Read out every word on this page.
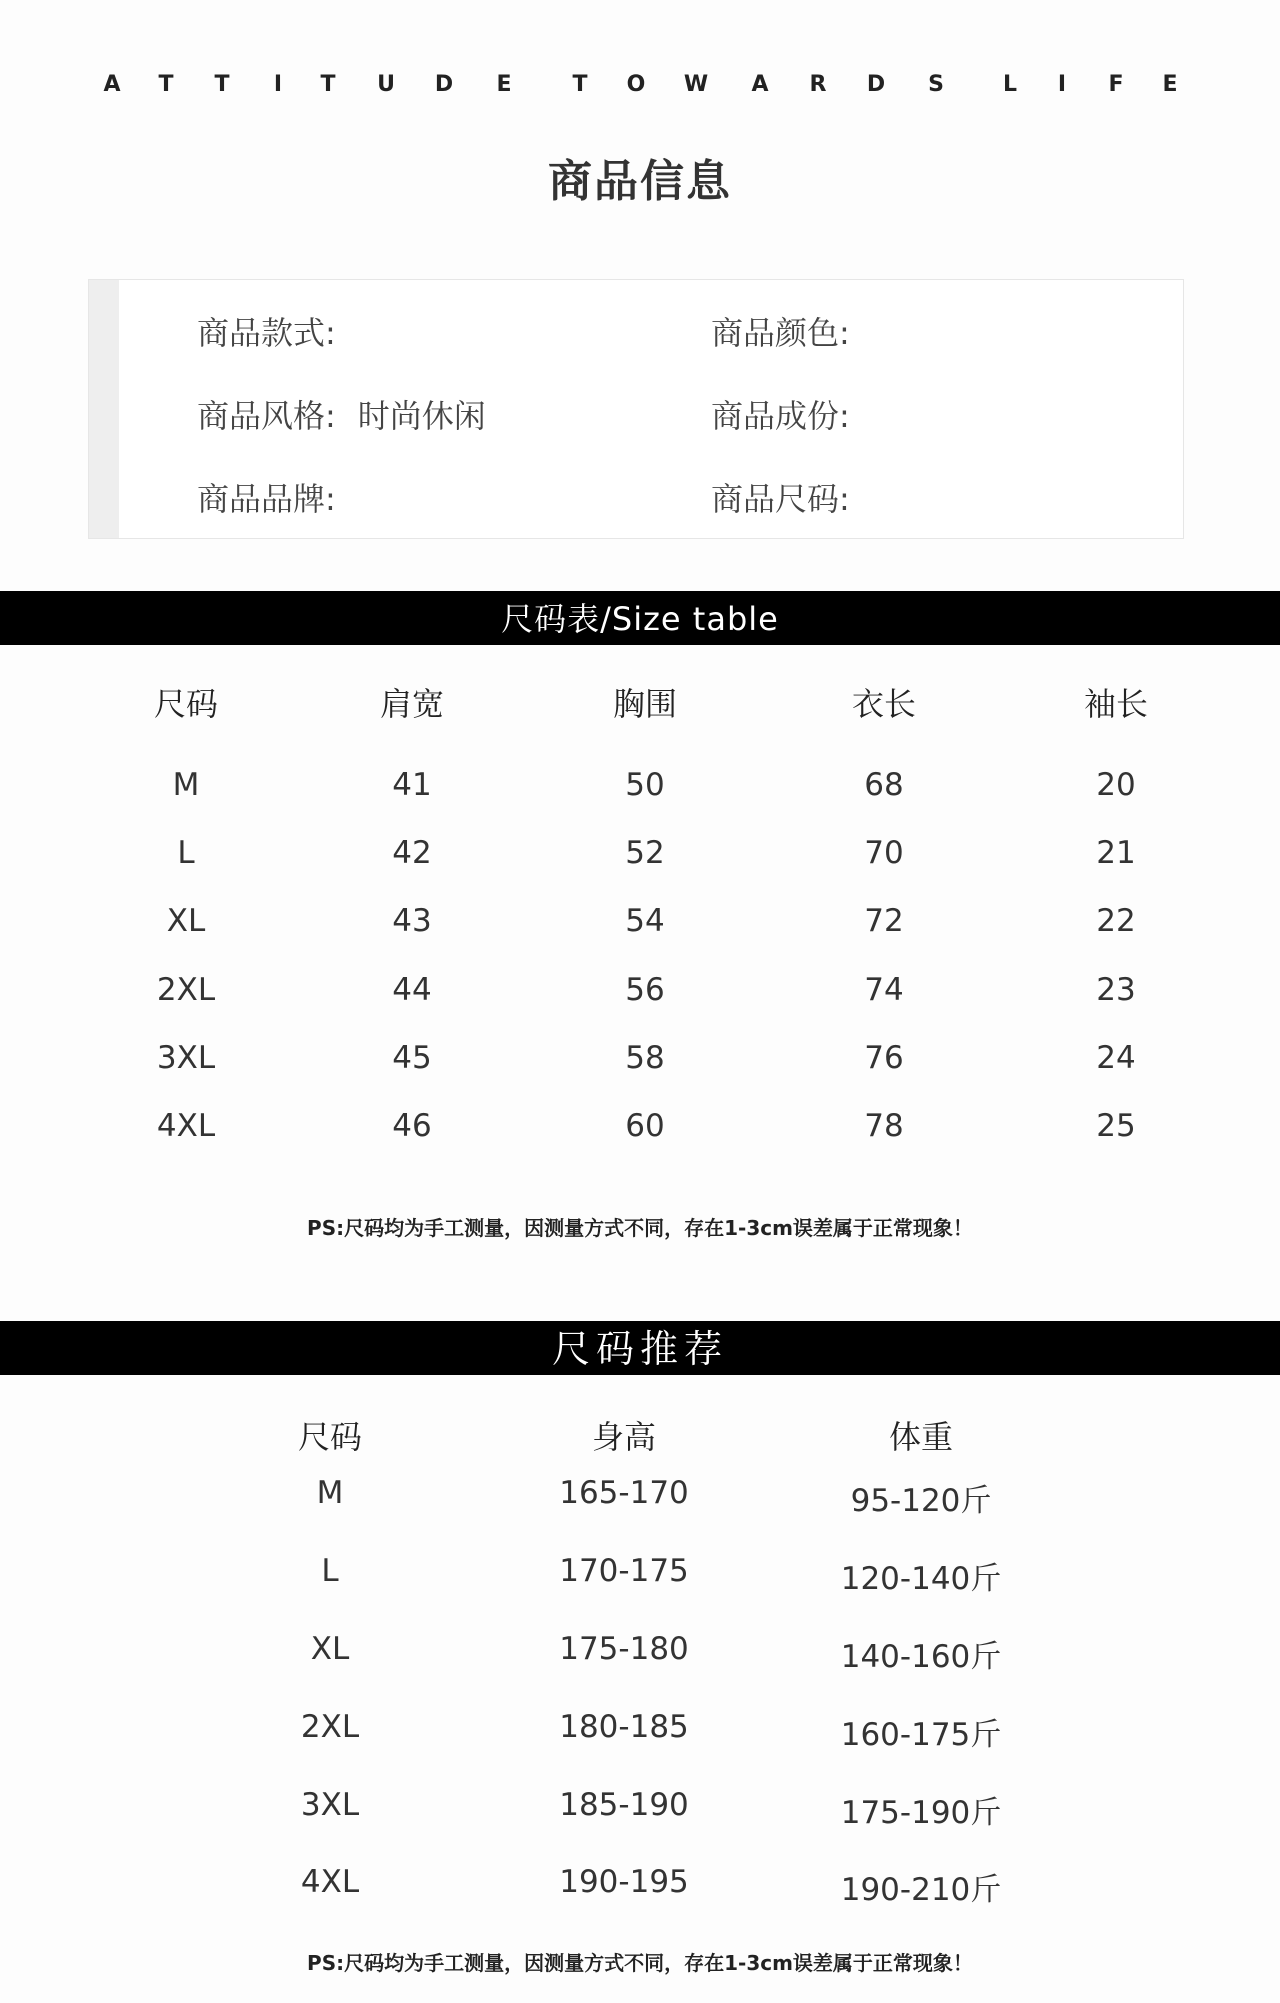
A	T	T	I	T	U D	E	T	O W A R D	S	L	I	F	E
商品信息
商品款式:	商品颜色:
商品风格: 时尚休闲	商品成份:
商品品牌:	商品尺码:
尺码表/Size table
尺码	肩宽	胸围	衣长	袖长
M	41	50	68	20
L	42	52	70	21
XL	43	54	72	22
2XL	44	56	74	23
3XL	45	58	76	24
4XL	46	60	78	25
PS:尺码均为手工测量，因测量方式不同，存在1-3cm误差属于正常现象！
尺码推荐
尺码	身高	体重
M	165-170	95-120斤
L	170-175	120-140斤
XL	175-180	140-160斤
2XL	180-185	160-175斤
3XL	185-190	175-190斤
4XL	190-195	190-210斤
PS:尺码均为手工测量，因测量方式不同，存在1-3cm误差属于正常现象！
